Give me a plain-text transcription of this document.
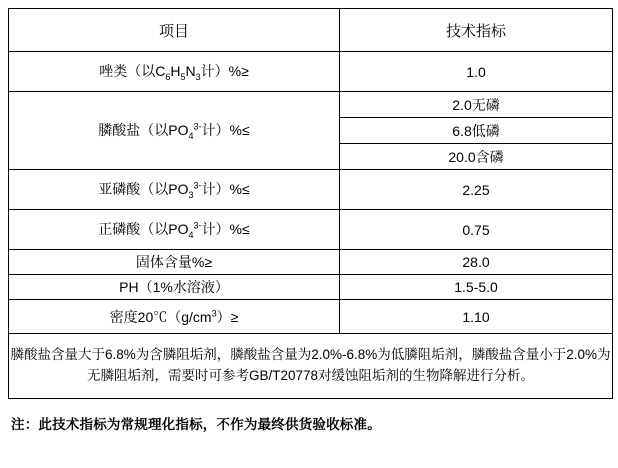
项目	技术指标
唑类（以$C_6H_5N_3$计）%≥	1.0
膦酸盐（以$PO_4^{3-}$计）%≤	2.0无磷
	6.8低磷
	20.0含磷
亚磷酸（以$PO_3^{3-}$计）%≤	2.25
正磷酸（以$PO_4^{3-}$计）%≤	0.75
固体含量%≥	28.0
PH（1%水溶液）	1.5-5.0
密度$20℃(g/cm^3)\ge$	1.10
膦酸盐含量大于6.8%为含膦阻垢剂，膦酸盐含量为2.0%-6.8%为低膦阻垢剂，膦酸盐含量小于2.0%为无膦阻垢剂，需要时可参考GB/T20778对缓蚀阻垢剂的生物降解进行分析。	
注：此技术指标为常规理化指标，不作为最终供货验收标准。
